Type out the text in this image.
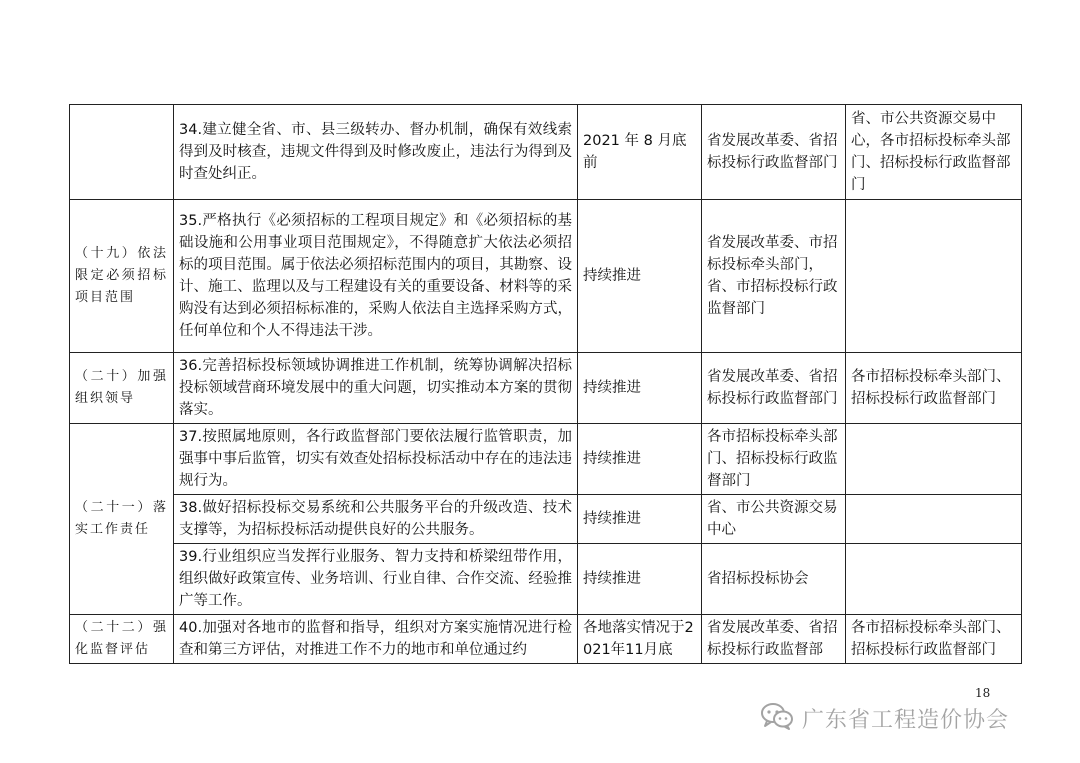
	34.建立健全省、市、县三级转办、督办机制，确保有效线索得到及时核查，违规文件得到及时修改废止，违法行为得到及时查处纠正。	2021 年 8 月底前	省发展改革委、省招标投标行政监督部门	省、市公共资源交易中心，各市招标投标牵头部门、招标投标行政监督部门
（十九）依法限定必须招标项目范围	35.严格执行《必须招标的工程项目规定》和《必须招标的基础设施和公用事业项目范围规定》，不得随意扩大依法必须招标的项目范围。属于依法必须招标范围内的项目，其勘察、设计、施工、监理以及与工程建设有关的重要设备、材料等的采购没有达到必须招标标准的，采购人依法自主选择采购方式，任何单位和个人不得违法干涉。	持续推进	省发展改革委、市招标投标牵头部门，省、市招标投标行政监督部门	
（二十）加强组织领导	36.完善招标投标领域协调推进工作机制，统筹协调解决招标投标领域营商环境发展中的重大问题，切实推动本方案的贯彻落实。	持续推进	省发展改革委、省招标投标行政监督部门	各市招标投标牵头部门、招标投标行政监督部门
（二十一）落实工作责任	37.按照属地原则，各行政监督部门要依法履行监管职责，加强事中事后监管，切实有效查处招标投标活动中存在的违法违规行为。	持续推进	各市招标投标牵头部门、招标投标行政监督部门	
	38.做好招标投标交易系统和公共服务平台的升级改造、技术支撑等，为招标投标活动提供良好的公共服务。	持续推进	省、市公共资源交易中心	
	39.行业组织应当发挥行业服务、智力支持和桥梁纽带作用，组织做好政策宣传、业务培训、行业自律、合作交流、经验推广等工作。	持续推进	省招标投标协会	
（二十二）强化监督评估	40.加强对各地市的监督和指导，组织对方案实施情况进行检查和第三方评估，对推进工作不力的地市和单位通过约	各地落实情况于2021年11月底	省发展改革委、省招标投标行政监督部	各市招标投标牵头部门、招标投标行政监督部门
18
广东省工程造价协会
